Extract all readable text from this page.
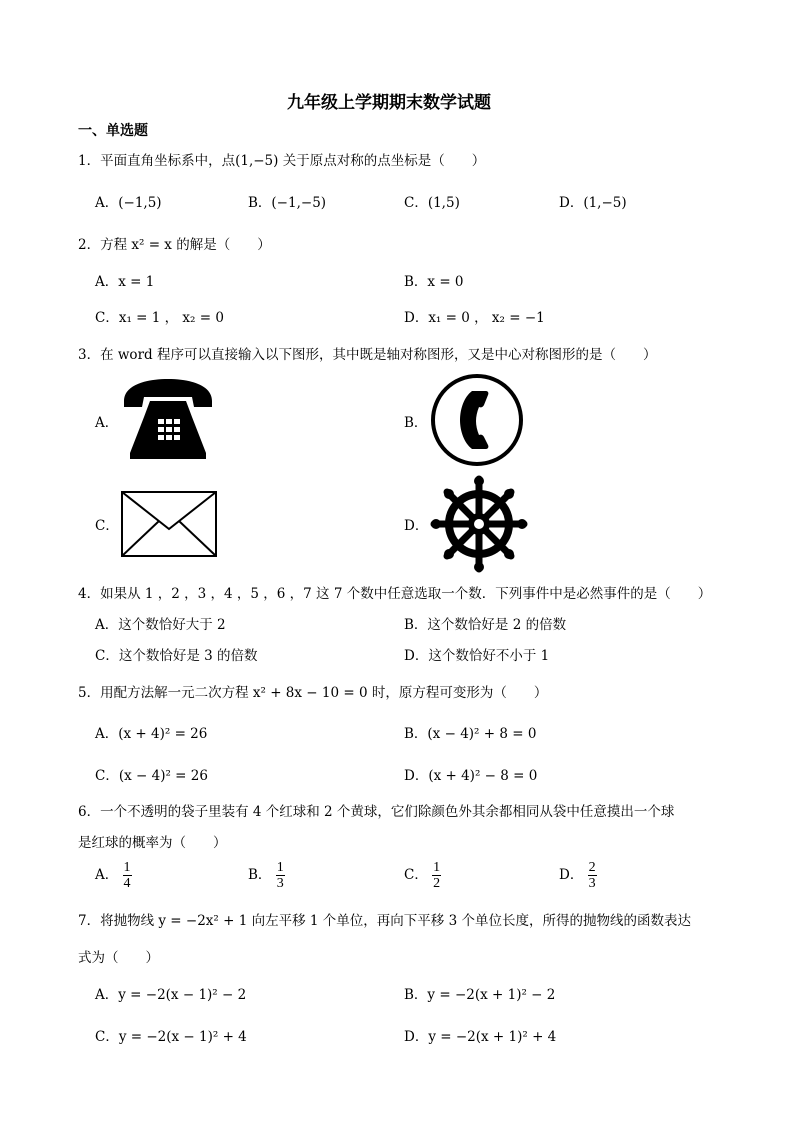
九年级上学期期末数学试题
一、单选题
1．平面直角坐标系中，点(1,−5) 关于原点对称的点坐标是（　　）
A．(−1,5)	B．(−1,−5)	C．(1,5)	D．(1,−5)
2．方程 x² = x 的解是（　　）
A．x = 1	B．x = 0
C．x₁ = 1 ， x₂ = 0	D．x₁ = 0 ， x₂ = −1
3．在 word 程序可以直接输入以下图形，其中既是轴对称图形，又是中心对称图形的是（　　）
A．	B．
C．	D．
4．如果从 1 ，2 ，3 ，4 ，5 ，6 ，7 这 7 个数中任意选取一个数．下列事件中是必然事件的是（　　）
A．这个数恰好大于 2	B．这个数恰好是 2 的倍数
C．这个数恰好是 3 的倍数	D．这个数恰好不小于 1
5．用配方法解一元二次方程 x² + 8x − 10 = 0 时，原方程可变形为（　　）
A．(x + 4)² = 26	B．(x − 4)² + 8 = 0
C．(x − 4)² = 26	D．(x + 4)² − 8 = 0
6．一个不透明的袋子里装有 4 个红球和 2 个黄球，它们除颜色外其余都相同从袋中任意摸出一个球
是红球的概率为（　　）
A． $\frac{1}{4}$	B． $\frac{1}{3}$	C． $\frac{1}{2}$	D． $\frac{2}{3}$
7．将抛物线 y = −2x² + 1 向左平移 1 个单位，再向下平移 3 个单位长度，所得的抛物线的函数表达
式为（　　）
A．y = −2(x − 1)² − 2	B．y = −2(x + 1)² − 2
C．y = −2(x − 1)² + 4	D．y = −2(x + 1)² + 4
